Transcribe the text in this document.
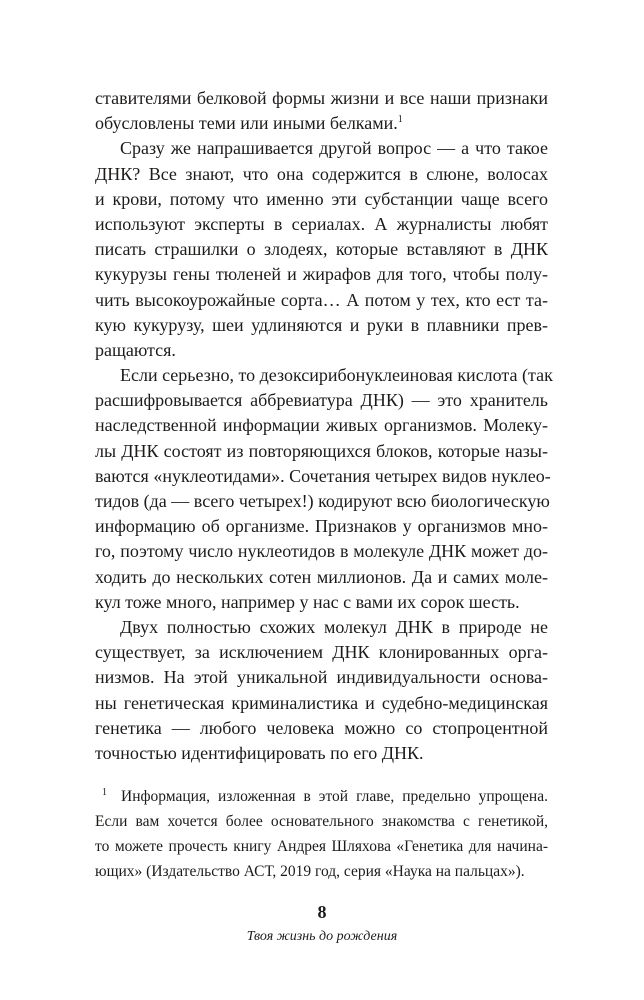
ставителями белковой формы жизни и все наши признаки
обусловлены теми или иными белками.$^1$
Сразу же напрашивается другой вопрос — а что такое
ДНК? Все знают, что она содержится в слюне, волосах
и крови, потому что именно эти субстанции чаще всего
используют эксперты в сериалах. А журналисты любят
писать страшилки о злодеях, которые вставляют в ДНК
кукурузы гены тюленей и жирафов для того, чтобы полу-
чить высокоурожайные сорта… А потом у тех, кто ест та-
кую кукурузу, шеи удлиняются и руки в плавники прев-
ращаются.
Если серьезно, то дезоксирибонуклеиновая кислота (так
расшифровывается аббревиатура ДНК) — это хранитель
наследственной информации живых организмов. Молеку-
лы ДНК состоят из повторяющихся блоков, которые назы-
ваются «нуклеотидами». Сочетания четырех видов нуклео-
тидов (да — всего четырех!) кодируют всю биологическую
информацию об организме. Признаков у организмов мно-
го, поэтому число нуклеотидов в молекуле ДНК может до-
ходить до нескольких сотен миллионов. Да и самих моле-
кул тоже много, например у нас с вами их сорок шесть.
Двух полностью схожих молекул ДНК в природе не
существует, за исключением ДНК клонированных орга-
низмов. На этой уникальной индивидуальности основа-
ны генетическая криминалистика и судебно-медицинская
генетика — любого человека можно со стопроцентной
точностью идентифицировать по его ДНК.
$^1$ Информация, изложенная в этой главе, предельно упрощена.
Если вам хочется более основательного знакомства с генетикой,
то можете прочесть книгу Андрея Шляхова «Генетика для начина-
ющих» (Издательство АСТ, 2019 год, серия «Наука на пальцах»).
8
Твоя жизнь до рождения
